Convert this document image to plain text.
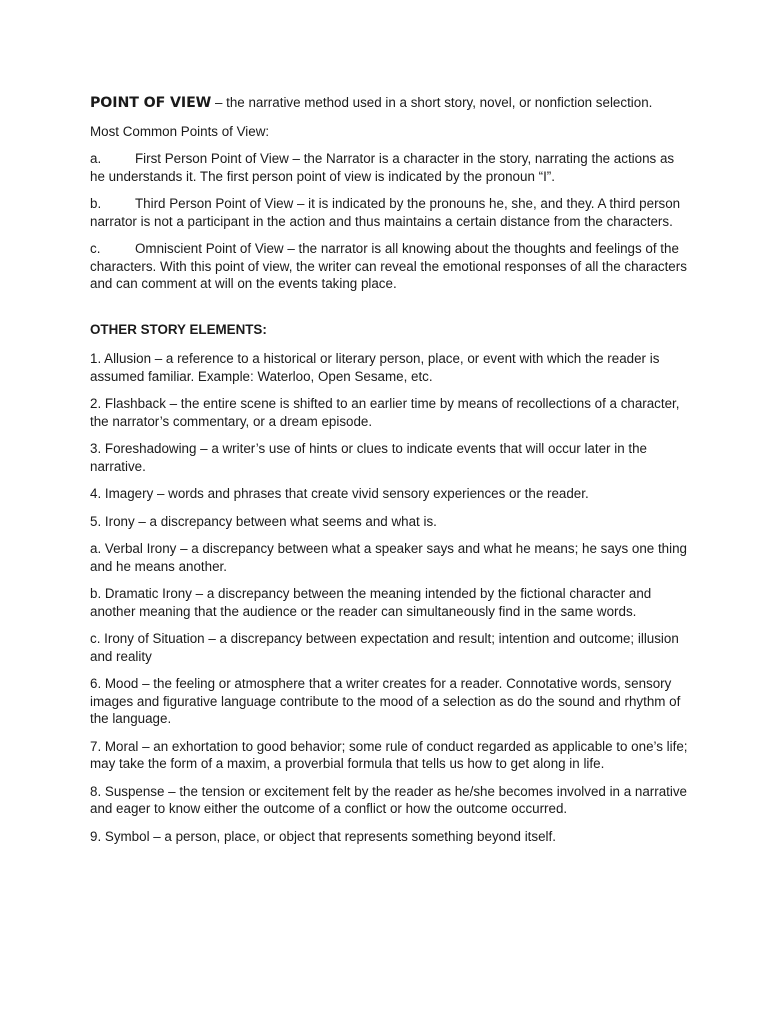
POINT OF VIEW – the narrative method used in a short story, novel, or nonfiction selection.

Most Common Points of View:

a.	First Person Point of View – the Narrator is a character in the story, narrating the actions as he understands it. The first person point of view is indicated by the pronoun “I”.

b.	Third Person Point of View – it is indicated by the pronouns he, she, and they. A third person narrator is not a participant in the action and thus maintains a certain distance from the characters.

c.	Omniscient Point of View – the narrator is all knowing about the thoughts and feelings of the characters. With this point of view, the writer can reveal the emotional responses of all the characters and can comment at will on the events taking place.

OTHER STORY ELEMENTS:

1. Allusion – a reference to a historical or literary person, place, or event with which the reader is assumed familiar. Example: Waterloo, Open Sesame, etc.

2. Flashback – the entire scene is shifted to an earlier time by means of recollections of a character, the narrator’s commentary, or a dream episode.

3. Foreshadowing – a writer’s use of hints or clues to indicate events that will occur later in the narrative.

4. Imagery – words and phrases that create vivid sensory experiences or the reader.

5. Irony – a discrepancy between what seems and what is.

a. Verbal Irony – a discrepancy between what a speaker says and what he means; he says one thing and he means another.

b. Dramatic Irony – a discrepancy between the meaning intended by the fictional character and another meaning that the audience or the reader can simultaneously find in the same words.

c. Irony of Situation – a discrepancy between expectation and result; intention and outcome; illusion and reality

6. Mood – the feeling or atmosphere that a writer creates for a reader. Connotative words, sensory images and figurative language contribute to the mood of a selection as do the sound and rhythm of the language.

7. Moral – an exhortation to good behavior; some rule of conduct regarded as applicable to one’s life; may take the form of a maxim, a proverbial formula that tells us how to get along in life.

8. Suspense – the tension or excitement felt by the reader as he/she becomes involved in a narrative and eager to know either the outcome of a conflict or how the outcome occurred.

9. Symbol – a person, place, or object that represents something beyond itself.
